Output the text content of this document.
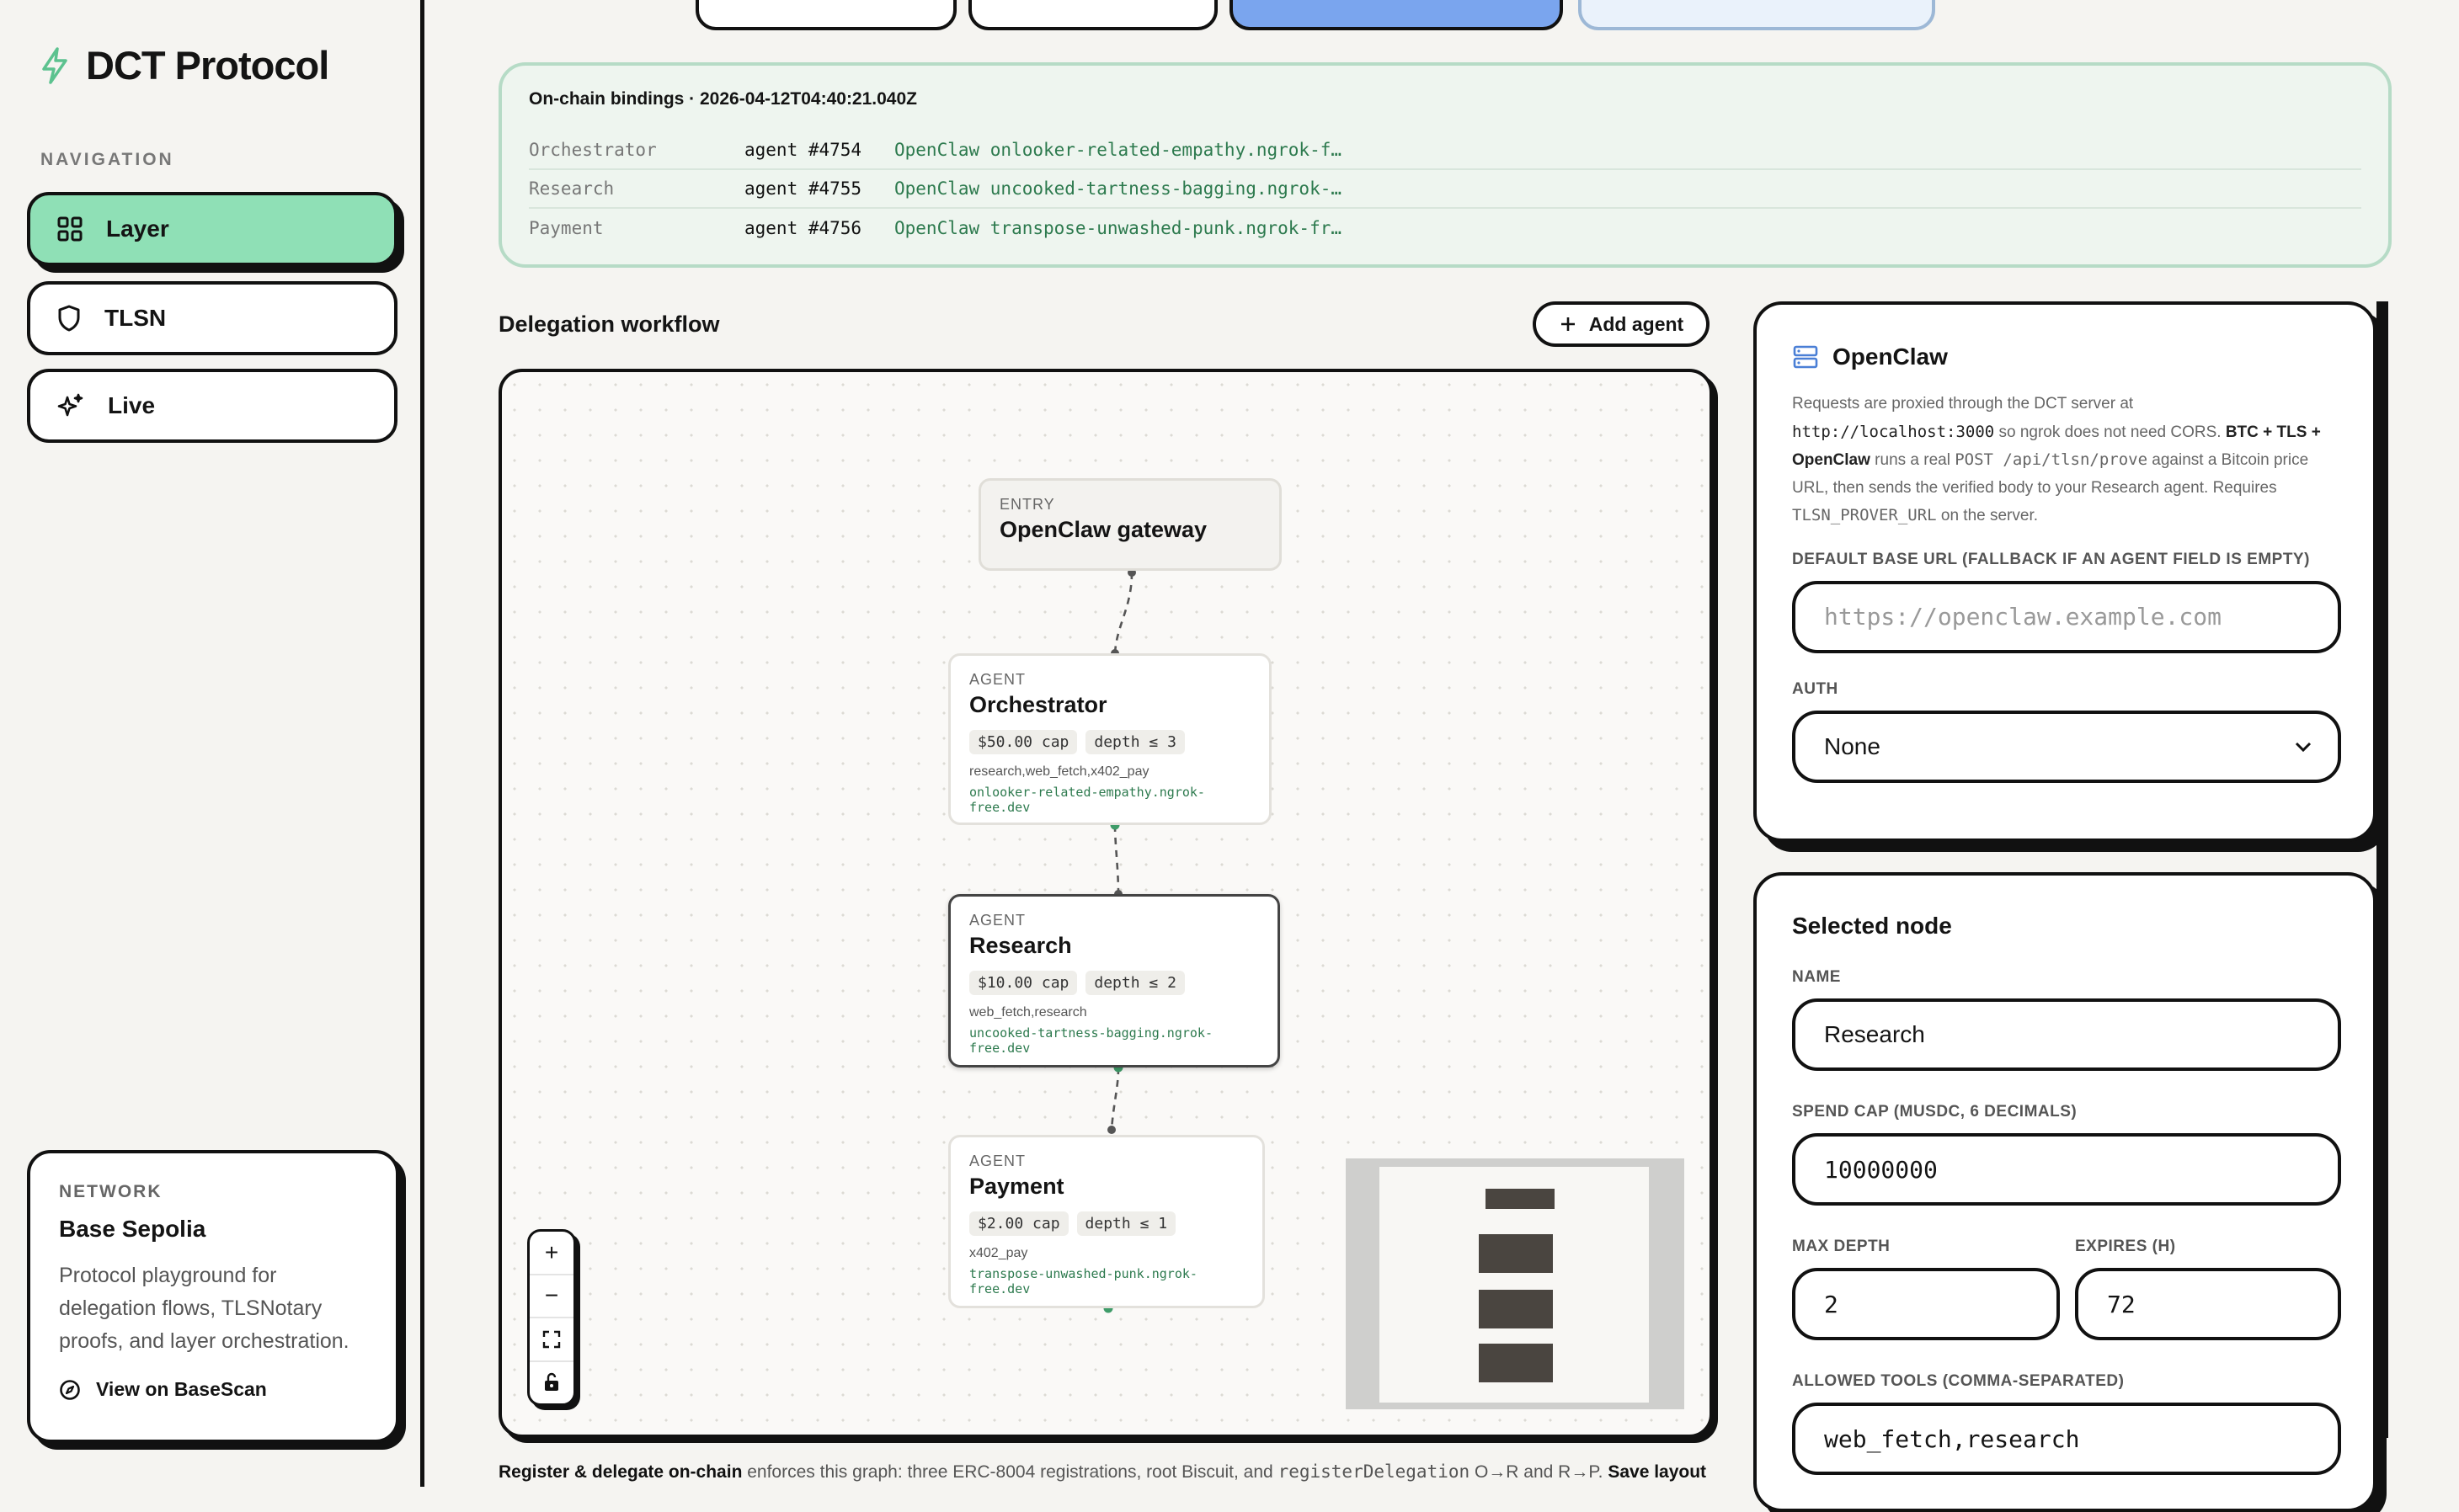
DCT Protocol
NAVIGATION
Layer
TLSN
Live
NETWORK
Base Sepolia
Protocol playground for delegation flows, TLSNotary proofs, and layer orchestration.
View on BaseScan
On-chain bindings · 2026-04-12T04:40:21.040Z
Orchestrator	agent #4754	OpenClaw onlooker-related-empathy.ngrok-f…
Research	agent #4755	OpenClaw uncooked-tartness-bagging.ngrok-…
Payment	agent #4756	OpenClaw transpose-unwashed-punk.ngrok-fr…
Delegation workflow	Add agent
ENTRY
OpenClaw gateway
AGENT
Orchestrator
$50.00 cap	depth ≤ 3
research,web_fetch,x402_pay
onlooker-related-empathy.ngrok-free.dev
AGENT
Research
$10.00 cap	depth ≤ 2
web_fetch,research
uncooked-tartness-bagging.ngrok-free.dev
AGENT
Payment
$2.00 cap	depth ≤ 1
x402_pay
transpose-unwashed-punk.ngrok-free.dev
+
−
Register & delegate on-chain enforces this graph: three ERC-8004 registrations, root Biscuit, and registerDelegation O→R and R→P. Save layout
OpenClaw
Requests are proxied through the DCT server at http://localhost:3000 so ngrok does not need CORS. BTC + TLS + OpenClaw runs a real POST /api/tlsn/prove against a Bitcoin price URL, then sends the verified body to your Research agent. Requires TLSN_PROVER_URL on the server.
DEFAULT BASE URL (FALLBACK IF AN AGENT FIELD IS EMPTY)
https://openclaw.example.com
AUTH
None
Selected node
NAME
Research
SPEND CAP (MUSDC, 6 DECIMALS)
10000000
MAX DEPTH
2
EXPIRES (H)
72
ALLOWED TOOLS (COMMA-SEPARATED)
web_fetch,research
